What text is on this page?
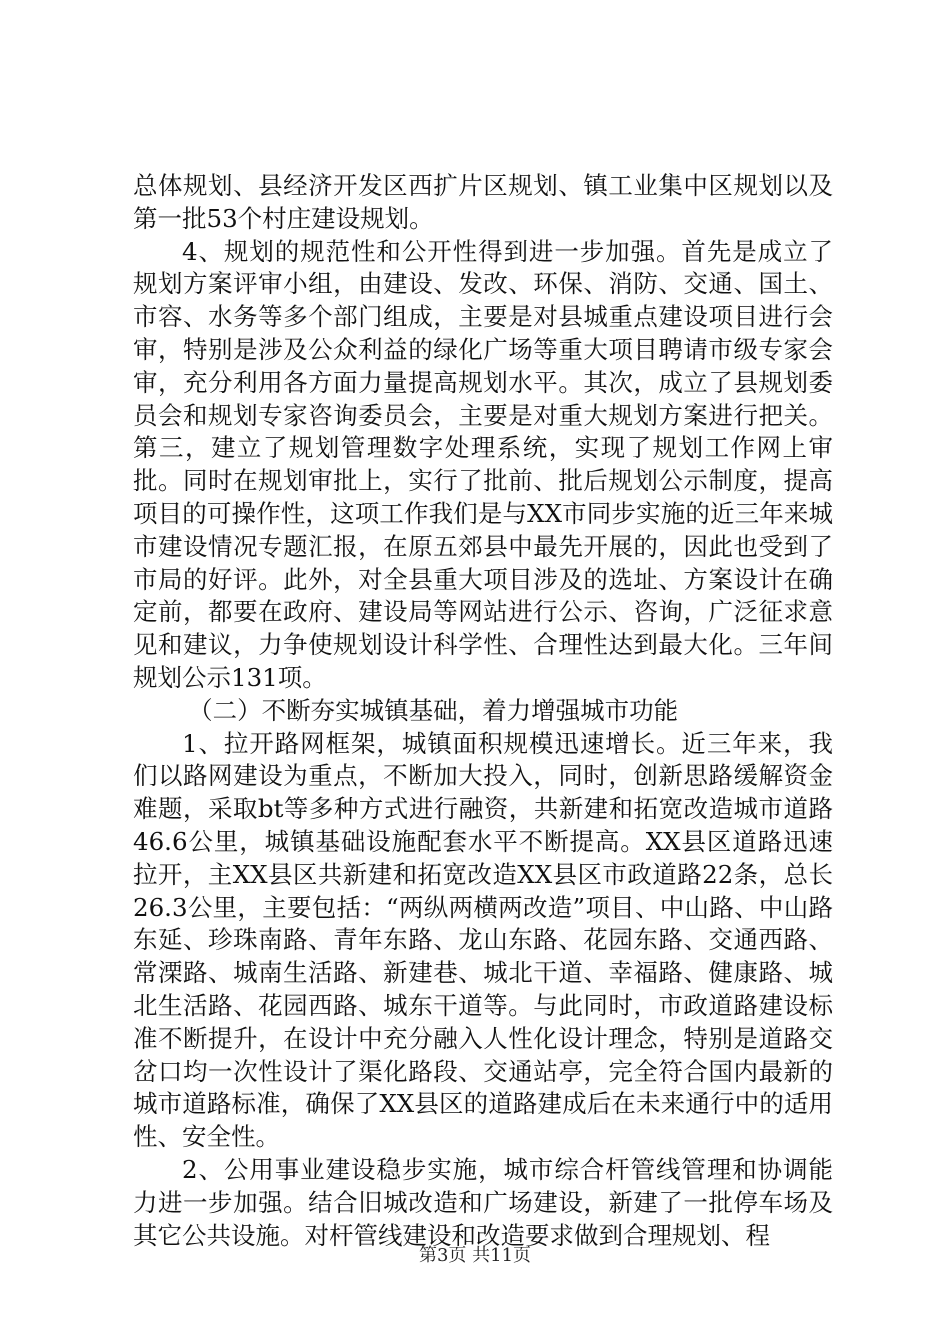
总体规划、县经济开发区西扩片区规划、镇工业集中区规划以及第一批53个村庄建设规划。

4、规划的规范性和公开性得到进一步加强。首先是成立了规划方案评审小组，由建设、发改、环保、消防、交通、国土、市容、水务等多个部门组成，主要是对县城重点建设项目进行会审，特别是涉及公众利益的绿化广场等重大项目聘请市级专家会审，充分利用各方面力量提高规划水平。其次，成立了县规划委员会和规划专家咨询委员会，主要是对重大规划方案进行把关。第三，建立了规划管理数字处理系统，实现了规划工作网上审批。同时在规划审批上，实行了批前、批后规划公示制度，提高项目的可操作性，这项工作我们是与XX市同步实施的近三年来城市建设情况专题汇报，在原五郊县中最先开展的，因此也受到了市局的好评。此外，对全县重大项目涉及的选址、方案设计在确定前，都要在政府、建设局等网站进行公示、咨询，广泛征求意见和建议，力争使规划设计科学性、合理性达到最大化。三年间规划公示131项。

（二）不断夯实城镇基础，着力增强城市功能

1、拉开路网框架，城镇面积规模迅速增长。近三年来，我们以路网建设为重点，不断加大投入，同时，创新思路缓解资金难题，采取bt等多种方式进行融资，共新建和拓宽改造城市道路46.6公里，城镇基础设施配套水平不断提高。XX县区道路迅速拉开，主XX县区共新建和拓宽改造XX县区市政道路22条，总长26.3公里，主要包括：“两纵两横两改造”项目、中山路、中山路东延、珍珠南路、青年东路、龙山东路、花园东路、交通西路、常溧路、城南生活路、新建巷、城北干道、幸福路、健康路、城北生活路、花园西路、城东干道等。与此同时，市政道路建设标准不断提升，在设计中充分融入人性化设计理念，特别是道路交岔口均一次性设计了渠化路段、交通站亭，完全符合国内最新的城市道路标准，确保了XX县区的道路建成后在未来通行中的适用性、安全性。

2、公用事业建设稳步实施，城市综合杆管线管理和协调能力进一步加强。结合旧城改造和广场建设，新建了一批停车场及其它公共设施。对杆管线建设和改造要求做到合理规划、程

第3页 共11页
